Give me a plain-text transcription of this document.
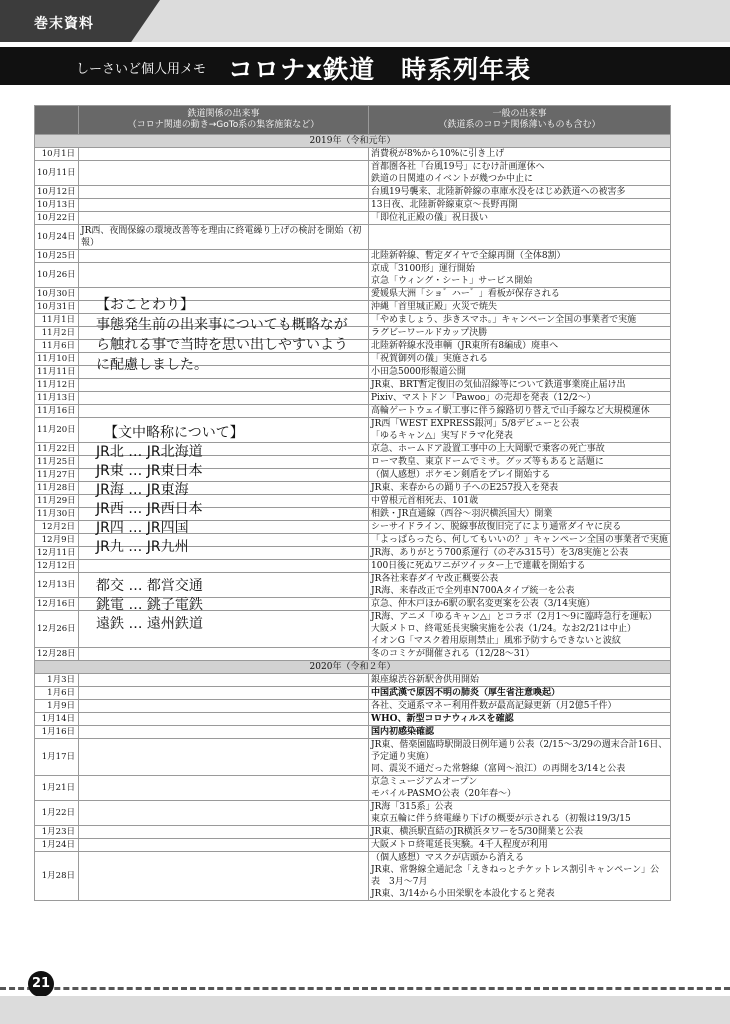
巻末資料
しーさいど個人用メモ コロナx鉄道　時系列年表
	鉄道関係の出来事
（コロナ関連の動き→GoTo系の集客施策など）	一般の出来事
（鉄道系のコロナ関係薄いものも含む）
2019年（令和元年）		
10月1日		消費税が8%から10%に引き上げ
10月11日		首都圏各社「台風19号」にむけ計画運休へ
鉄道の日関連のイベントが幾つか中止に
10月12日		台風19号襲来、北陸新幹線の車庫水没をはじめ鉄道への被害多
10月13日		13日夜、北陸新幹線東京～長野再開
10月22日		「即位礼正殿の儀」祝日扱い
10月24日	JR西、夜間保線の環境改善等を理由に終電繰り上げの検討を開始（初報）	
10月25日		北陸新幹線、暫定ダイヤで全線再開（全体8割）
10月26日		京成「3100形」運行開始
京急「ウィング・シート」サービス開始
10月30日		愛媛県大洲「ショ゛ハー゛」看板が保存される
10月31日		沖縄「首里城正殿」火災で焼失
11月1日		「やめましょう、歩きスマホ。」キャンペーン全国の事業者で実施
11月2日		ラグビーワールドカップ決勝
11月6日		北陸新幹線水没車輌（JR東所有8編成）廃車へ
11月10日		「祝賀御列の儀」実施される
11月11日		小田急5000形報道公開
11月12日		JR東、BRT暫定復旧の気仙沼線等について鉄道事業廃止届け出
11月13日		Pixiv、マストドン「Pawoo」の売却を発表（12/2～）
11月16日		高輪ゲートウェイ駅工事に伴う線路切り替えで山手線など大規模運休
11月20日		JR西「WEST EXPRESS銀河」5/8デビューと公表
「ゆるキャン△」実写ドラマ化発表
11月22日		京急、ホームドア設置工事中の上大岡駅で乗客の死亡事故
11月25日		ローマ教皇、東京ドームでミサ。グッズ等もあると話題に
11月27日		（個人感想）ポケモン剣盾をプレイ開始する
11月28日		JR東、来春からの踊り子へのE257投入を発表
11月29日		中曽根元首相死去、101歳
11月30日		相鉄・JR直通線（西谷～羽沢横浜国大）開業
12月2日		シーサイドライン、脱線事故復旧完了により通常ダイヤに戻る
12月9日		「よっぱらったら、何してもいいの？」キャンペーン全国の事業者で実施
12月11日		JR海、ありがとう700系運行（のぞみ315号）を3/8実施と公表
12月12日		100日後に死ぬワニがツイッター上で連載を開始する
12月13日		JR各社来春ダイヤ改正概要公表
JR海、来春改正で全列車N700Aタイプ統一を公表
12月16日		京急、仲木戸ほか6駅の駅名変更案を公表（3/14実施）
12月26日		JR海、アニメ「ゆるキャン△」とコラボ（2月1～9に臨時急行を運転）
大阪メトロ、終電延長実験実施を公表（1/24。なお2/21は中止）
イオンG「マスク着用原則禁止」風邪予防すらできないと波紋
12月28日		冬のコミケが開催される（12/28～31）
2020年（令和２年）		
1月3日		銀座線渋谷新駅舎供用開始
1月6日		中国武漢で原因不明の肺炎（厚生省注意喚起）
1月9日		各社、交通系マネー利用件数が最高記録更新（月2億5千件）
1月14日		WHO、新型コロナウィルスを確認
1月16日		国内初感染確認
1月17日		JR東、偕楽園臨時駅開設日例年通り公表（2/15～3/29の週末合計16日、予定通り実施）
同、震災不通だった常磐線（富岡～浪江）の再開を3/14と公表
1月21日		京急ミュージアムオープン
モバイルPASMO公表（20年春～）
1月22日		JR海「315系」公表
東京五輪に伴う終電繰り下げの概要が示される（初報は19/3/15
1月23日		JR東、横浜駅直結のJR横浜タワーを5/30開業と公表
1月24日		大阪メトロ終電延長実験。4千人程度が利用
1月28日		（個人感想）マスクが店頭から消える
JR東、常磐線全通記念「えきねっとチケットレス割引キャンペーン」公表　3月～7月
JR東、3/14から小田栄駅を本設化すると発表

【おことわり】

事態発生前の出来事についても概略ながら触れる事で当時を思い出しやすいように配慮しました。

【文中略称について】

JR北 … JR北海道

JR東 … JR東日本

JR海 … JR東海

JR西 … JR西日本

JR四 … JR四国

JR九 … JR九州

都交 … 都営交通

銚電 … 銚子電鉄

遠鉄 … 遠州鉄道

21
